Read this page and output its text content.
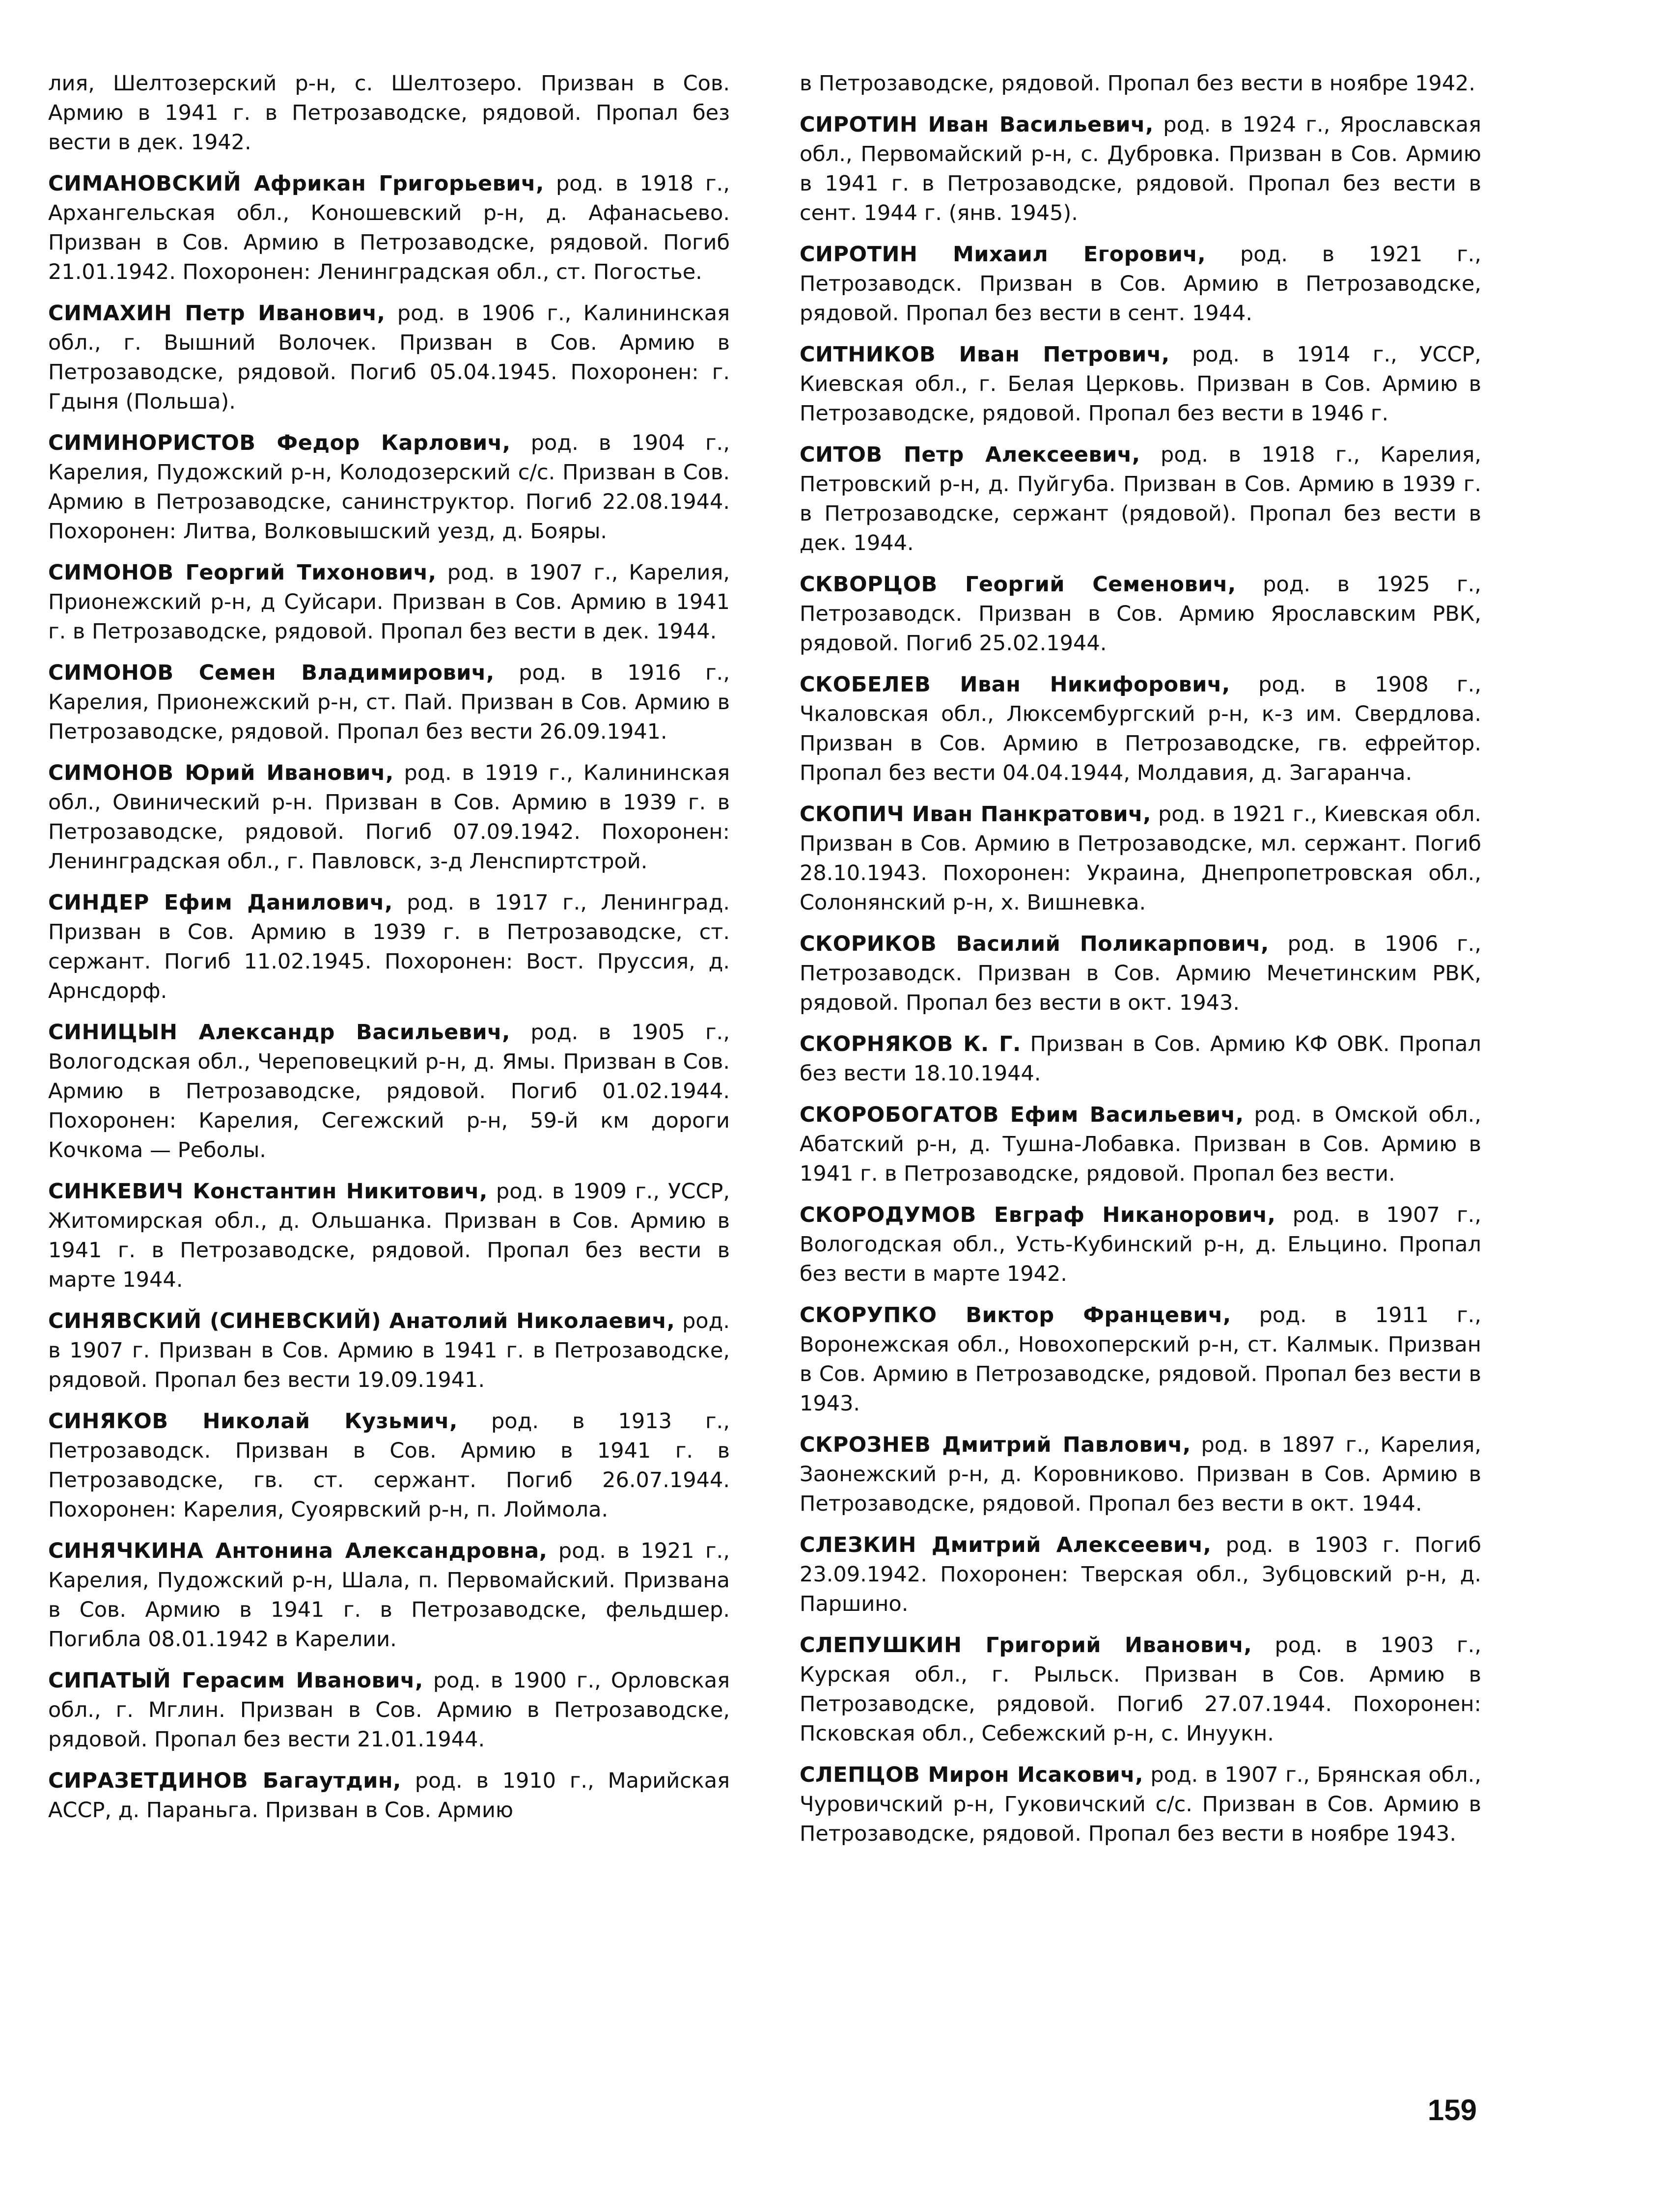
лия, Шелтозерский р-н, с. Шелтозеро. Призван в Сов. Армию в 1941 г. в Петрозаводске, рядовой. Пропал без вести в дек. 1942.

СИМАНОВСКИЙ Африкан Григорьевич, род. в 1918 г., Архангельская обл., Коношевский р-н, д. Афанасьево. Призван в Сов. Армию в Петрозаводске, рядовой. Погиб 21.01.1942. Похоронен: Ленинградская обл., ст. Погостье.

СИМАХИН Петр Иванович, род. в 1906 г., Калининская обл., г. Вышний Волочек. Призван в Сов. Армию в Петрозаводске, рядовой. Погиб 05.04.1945. Похоронен: г. Гдыня (Польша).

СИМИНОРИСТОВ Федор Карлович, род. в 1904 г., Карелия, Пудожский р-н, Колодозерский с/с. Призван в Сов. Армию в Петрозаводске, санинструктор. Погиб 22.08.1944. Похоронен: Литва, Волковышский уезд, д. Бояры.

СИМОНОВ Георгий Тихонович, род. в 1907 г., Карелия, Прионежский р-н, д Суйсари. Призван в Сов. Армию в 1941 г. в Петрозаводске, рядовой. Пропал без вести в дек. 1944.

СИМОНОВ Семен Владимирович, род. в 1916 г., Карелия, Прионежский р-н, ст. Пай. Призван в Сов. Армию в Петрозаводске, рядовой. Пропал без вести 26.09.1941.

СИМОНОВ Юрий Иванович, род. в 1919 г., Калининская обл., Овинический р-н. Призван в Сов. Армию в 1939 г. в Петрозаводске, рядовой. Погиб 07.09.1942. Похоронен: Ленинградская обл., г. Павловск, з-д Ленспиртстрой.

СИНДЕР Ефим Данилович, род. в 1917 г., Ленинград. Призван в Сов. Армию в 1939 г. в Петрозаводске, ст. сержант. Погиб 11.02.1945. Похоронен: Вост. Пруссия, д. Арнсдорф.

СИНИЦЫН Александр Васильевич, род. в 1905 г., Вологодская обл., Череповецкий р-н, д. Ямы. Призван в Сов. Армию в Петрозаводске, рядовой. Погиб 01.02.1944. Похоронен: Карелия, Сегежский р-н, 59-й км дороги Кочкома — Реболы.

СИНКЕВИЧ Константин Никитович, род. в 1909 г., УССР, Житомирская обл., д. Ольшанка. Призван в Сов. Армию в 1941 г. в Петрозаводске, рядовой. Пропал без вести в марте 1944.

СИНЯВСКИЙ (СИНЕВСКИЙ) Анатолий Николаевич, род. в 1907 г. Призван в Сов. Армию в 1941 г. в Петрозаводске, рядовой. Пропал без вести 19.09.1941.

СИНЯКОВ Николай Кузьмич, род. в 1913 г., Петрозаводск. Призван в Сов. Армию в 1941 г. в Петрозаводске, гв. ст. сержант. Погиб 26.07.1944. Похоронен: Карелия, Суоярвский р-н, п. Лоймола.

СИНЯЧКИНА Антонина Александровна, род. в 1921 г., Карелия, Пудожский р-н, Шала, п. Первомайский. Призвана в Сов. Армию в 1941 г. в Петрозаводске, фельдшер. Погибла 08.01.1942 в Карелии.

СИПАТЫЙ Герасим Иванович, род. в 1900 г., Орловская обл., г. Мглин. Призван в Сов. Армию в Петрозаводске, рядовой. Пропал без вести 21.01.1944.

СИРАЗЕТДИНОВ Багаутдин, род. в 1910 г., Марийская АССР, д. Параньга. Призван в Сов. Армию

в Петрозаводске, рядовой. Пропал без вести в ноябре 1942.

СИРОТИН Иван Васильевич, род. в 1924 г., Ярославская обл., Первомайский р-н, с. Дубровка. Призван в Сов. Армию в 1941 г. в Петрозаводске, рядовой. Пропал без вести в сент. 1944 г. (янв. 1945).

СИРОТИН Михаил Егорович, род. в 1921 г., Петрозаводск. Призван в Сов. Армию в Петрозаводске, рядовой. Пропал без вести в сент. 1944.

СИТНИКОВ Иван Петрович, род. в 1914 г., УССР, Киевская обл., г. Белая Церковь. Призван в Сов. Армию в Петрозаводске, рядовой. Пропал без вести в 1946 г.

СИТОВ Петр Алексеевич, род. в 1918 г., Карелия, Петровский р-н, д. Пуйгуба. Призван в Сов. Армию в 1939 г. в Петрозаводске, сержант (рядовой). Пропал без вести в дек. 1944.

СКВОРЦОВ Георгий Семенович, род. в 1925 г., Петрозаводск. Призван в Сов. Армию Ярославским РВК, рядовой. Погиб 25.02.1944.

СКОБЕЛЕВ Иван Никифорович, род. в 1908 г., Чкаловская обл., Люксембургский р-н, к-з им. Свердлова. Призван в Сов. Армию в Петрозаводске, гв. ефрейтор. Пропал без вести 04.04.1944, Молдавия, д. Загаранча.

СКОПИЧ Иван Панкратович, род. в 1921 г., Киевская обл. Призван в Сов. Армию в Петрозаводске, мл. сержант. Погиб 28.10.1943. Похоронен: Украина, Днепропетровская обл., Солонянский р-н, х. Вишневка.

СКОРИКОВ Василий Поликарпович, род. в 1906 г., Петрозаводск. Призван в Сов. Армию Мечетинским РВК, рядовой. Пропал без вести в окт. 1943.

СКОРНЯКОВ К. Г. Призван в Сов. Армию КФ ОВК. Пропал без вести 18.10.1944.

СКОРОБОГАТОВ Ефим Васильевич, род. в Омской обл., Абатский р-н, д. Тушна-Лобавка. Призван в Сов. Армию в 1941 г. в Петрозаводске, рядовой. Пропал без вести.

СКОРОДУМОВ Евграф Никанорович, род. в 1907 г., Вологодская обл., Усть-Кубинский р-н, д. Ельцино. Пропал без вести в марте 1942.

СКОРУПКО Виктор Францевич, род. в 1911 г., Воронежская обл., Новохоперский р-н, ст. Калмык. Призван в Сов. Армию в Петрозаводске, рядовой. Пропал без вести в 1943.

СКРОЗНЕВ Дмитрий Павлович, род. в 1897 г., Карелия, Заонежский р-н, д. Коровниково. Призван в Сов. Армию в Петрозаводске, рядовой. Пропал без вести в окт. 1944.

СЛЕЗКИН Дмитрий Алексеевич, род. в 1903 г. Погиб 23.09.1942. Похоронен: Тверская обл., Зубцовский р-н, д. Паршино.

СЛЕПУШКИН Григорий Иванович, род. в 1903 г., Курская обл., г. Рыльск. Призван в Сов. Армию в Петрозаводске, рядовой. Погиб 27.07.1944. Похоронен: Псковская обл., Себежский р-н, с. Инуукн.

СЛЕПЦОВ Мирон Исакович, род. в 1907 г., Брянская обл., Чуровичский р-н, Гуковичский с/с. Призван в Сов. Армию в Петрозаводске, рядовой. Пропал без вести в ноябре 1943.

159
